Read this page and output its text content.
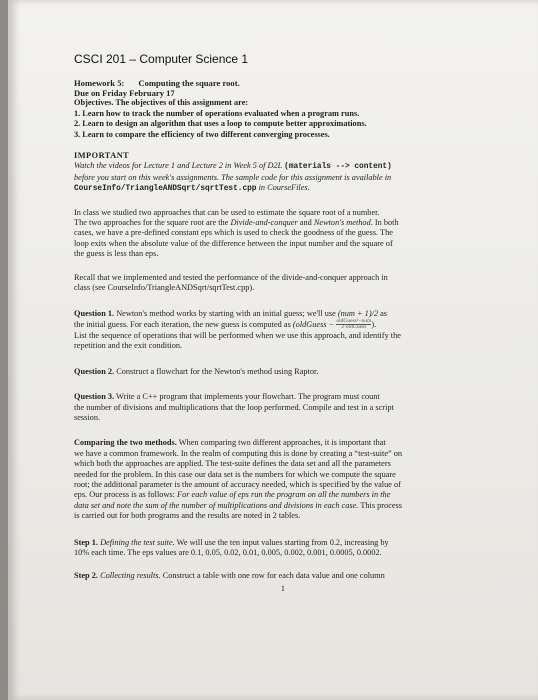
CSCI 201 – Computer Science 1
Homework 5: Computing the square root.
Due on Friday February 17
Objectives. The objectives of this assignment are:
1. Learn how to track the number of operations evaluated when a program runs.
2. Learn to design an algorithm that uses a loop to compute better approximations.
3. Learn to compare the efficiency of two different converging processes.
IMPORTANT
Watch the videos for Lecture 1 and Lecture 2 in Week 5 of D2L (materials --> content)
before you start on this week's assignments. The sample code for this assignment is available in
CourseInfo/TriangleANDSqrt/sqrtTest.cpp in CourseFiles.
In class we studied two approaches that can be used to estimate the square root of a number.
The two approaches for the square root are the Divide-and-conquer and Newton's method. In both
cases, we have a pre-defined constant eps which is used to check the goodness of the guess. The
loop exits when the absolute value of the difference between the input number and the square of
the guess is less than eps.
Recall that we implemented and tested the performance of the divide-and-conquer approach in
class (see CourseInfo/TriangleANDSqrt/sqrtTest.cpp).
Question 1. Newton's method works by starting with an initial guess; we'll use (num + 1)/2 as
the initial guess. For each iteration, the new guess is computed as (oldGuess − $\frac{\text{oldGuess²−num}}{\text{2·oldGuess}}$ ).
List the sequence of operations that will be performed when we use this approach, and identify the
repetition and the exit condition.
Question 2. Construct a flowchart for the Newton's method using Raptor.
Question 3. Write a C++ program that implements your flowchart. The program must count
the number of divisions and multiplications that the loop performed. Compile and test in a script
session.
Comparing the two methods. When comparing two different approaches, it is important that
we have a common framework. In the realm of computing this is done by creating a “test-suite” on
which both the approaches are applied. The test-suite defines the data set and all the parameters
needed for the problem. In this case our data set is the numbers for which we compute the square
root; the additional parameter is the amount of accuracy needed, which is specified by the value of
eps. Our process is as follows: For each value of eps run the program on all the numbers in the
data set and note the sum of the number of multiplications and divisions in each case. This process
is carried out for both programs and the results are noted in 2 tables.
Step 1. Defining the test suite. We will use the ten input values starting from 0.2, increasing by
10% each time. The eps values are 0.1, 0.05, 0.02, 0.01, 0.005, 0.002, 0.001, 0.0005, 0.0002.
Step 2. Collecting results. Construct a table with one row for each data value and one column
1
